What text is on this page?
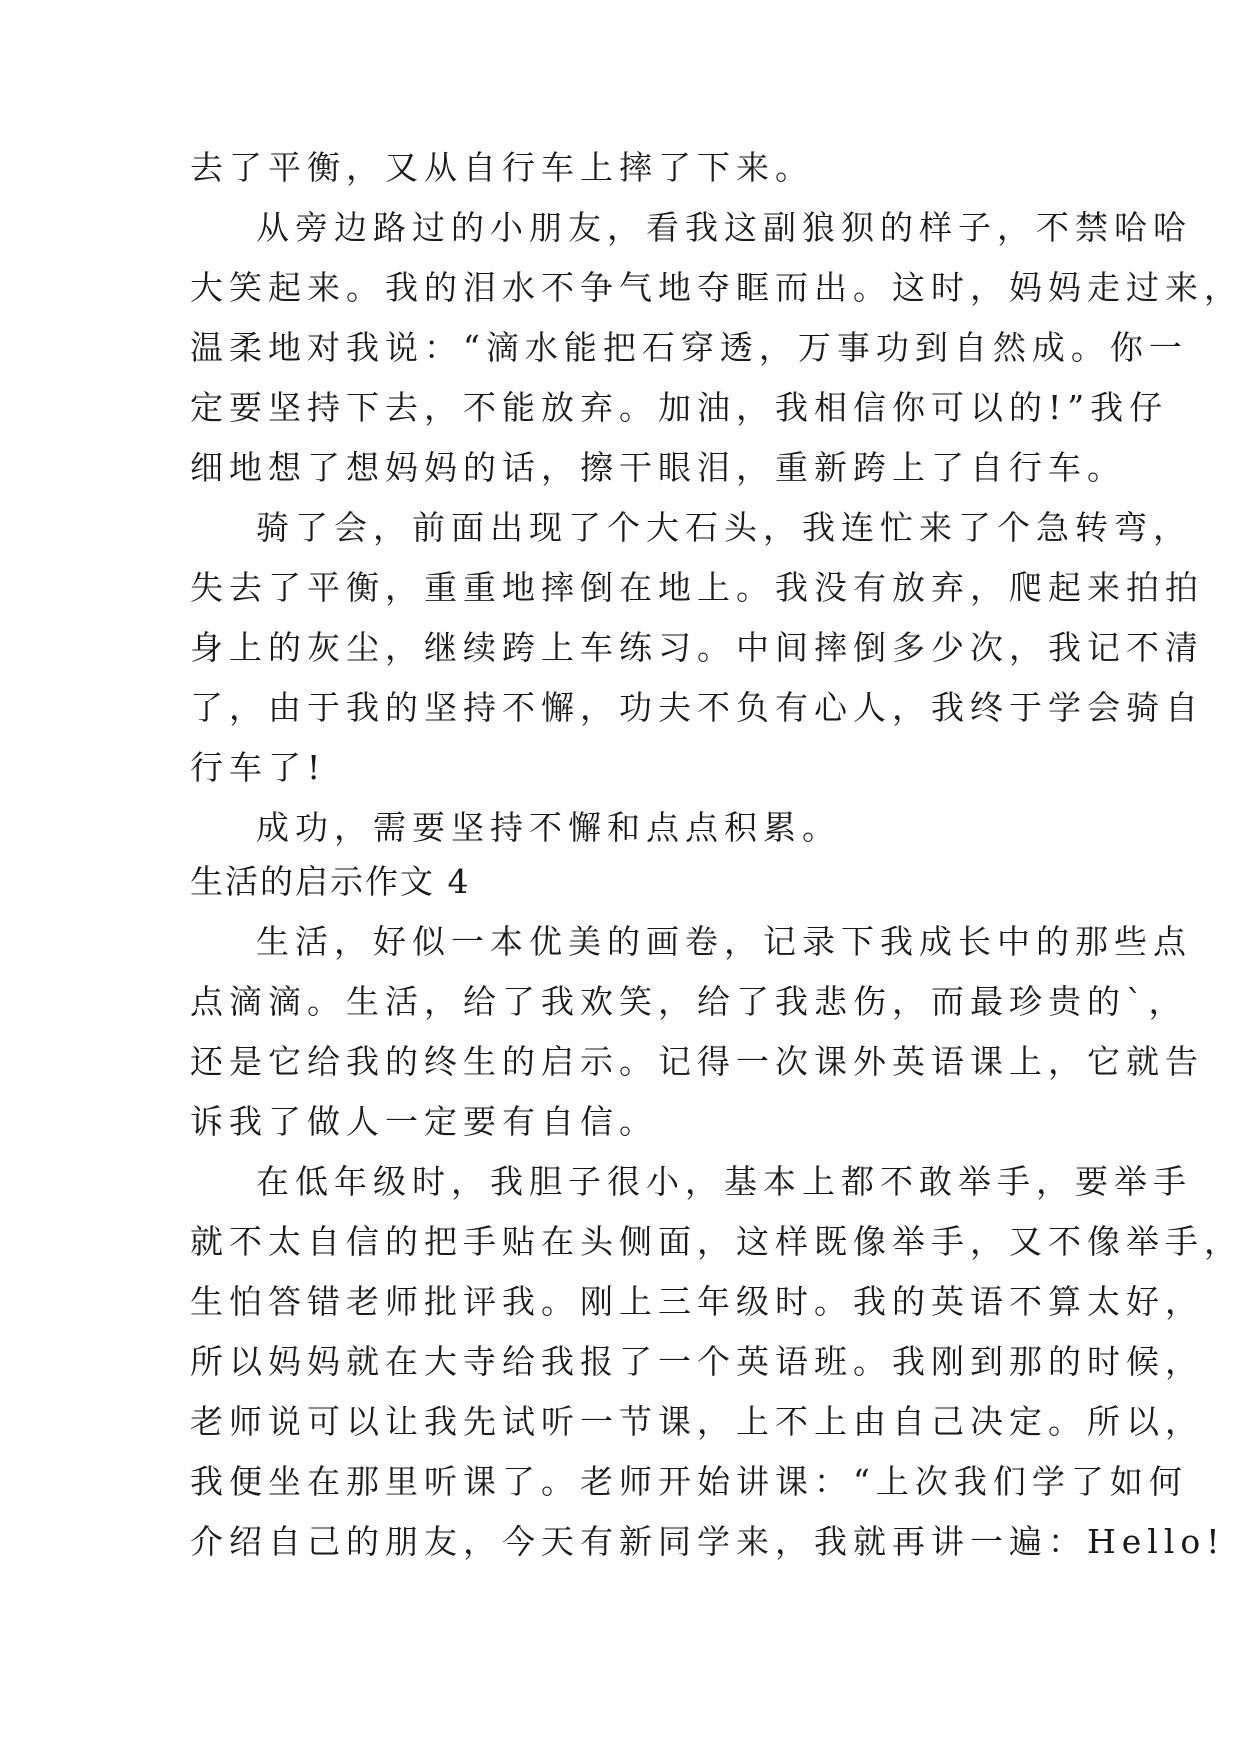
去了平衡，又从自行车上摔了下来。
从旁边路过的小朋友，看我这副狼狈的样子，不禁哈哈
大笑起来。我的泪水不争气地夺眶而出。这时，妈妈走过来，
温柔地对我说：“滴水能把石穿透，万事功到自然成。你一
定要坚持下去，不能放弃。加油，我相信你可以的!”我仔
细地想了想妈妈的话，擦干眼泪，重新跨上了自行车。
骑了会，前面出现了个大石头，我连忙来了个急转弯，
失去了平衡，重重地摔倒在地上。我没有放弃，爬起来拍拍
身上的灰尘，继续跨上车练习。中间摔倒多少次，我记不清
了，由于我的坚持不懈，功夫不负有心人，我终于学会骑自
行车了!
成功，需要坚持不懈和点点积累。
生活的启示作文 4
生活，好似一本优美的画卷，记录下我成长中的那些点
点滴滴。生活，给了我欢笑，给了我悲伤，而最珍贵的`，
还是它给我的终生的启示。记得一次课外英语课上，它就告
诉我了做人一定要有自信。
在低年级时，我胆子很小，基本上都不敢举手，要举手
就不太自信的把手贴在头侧面，这样既像举手，又不像举手，
生怕答错老师批评我。刚上三年级时。我的英语不算太好，
所以妈妈就在大寺给我报了一个英语班。我刚到那的时候，
老师说可以让我先试听一节课，上不上由自己决定。所以，
我便坐在那里听课了。老师开始讲课：“上次我们学了如何
介绍自己的朋友，今天有新同学来，我就再讲一遍：Hello!
